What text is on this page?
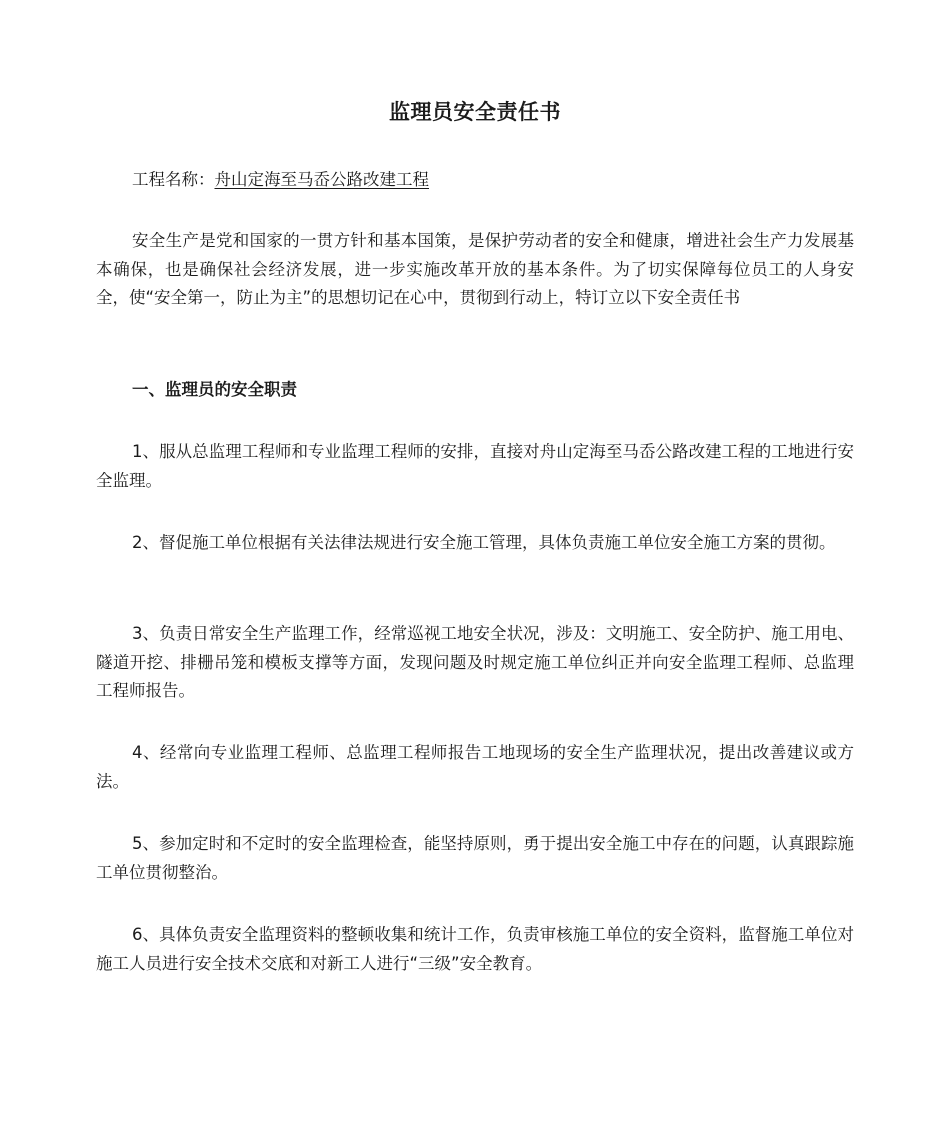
监理员安全责任书
工程名称：舟山定海至马岙公路改建工程

安全生产是党和国家的一贯方针和基本国策，是保护劳动者的安全和健康，增进社会生产力发展基本确保，也是确保社会经济发展，进一步实施改革开放的基本条件。为了切实保障每位员工的人身安全，使“安全第一，防止为主”的思想切记在心中，贯彻到行动上，特订立以下安全责任书

一、监理员的安全职责

1、服从总监理工程师和专业监理工程师的安排，直接对舟山定海至马岙公路改建工程的工地进行安全监理。

2、督促施工单位根据有关法律法规进行安全施工管理，具体负责施工单位安全施工方案的贯彻。

3、负责日常安全生产监理工作，经常巡视工地安全状况，涉及：文明施工、安全防护、施工用电、隧道开挖、排栅吊笼和模板支撑等方面，发现问题及时规定施工单位纠正并向安全监理工程师、总监理工程师报告。

4、经常向专业监理工程师、总监理工程师报告工地现场的安全生产监理状况，提出改善建议或方法。

5、参加定时和不定时的安全监理检查，能坚持原则，勇于提出安全施工中存在的问题，认真跟踪施工单位贯彻整治。

6、具体负责安全监理资料的整顿收集和统计工作，负责审核施工单位的安全资料，监督施工单位对施工人员进行安全技术交底和对新工人进行“三级”安全教育。
